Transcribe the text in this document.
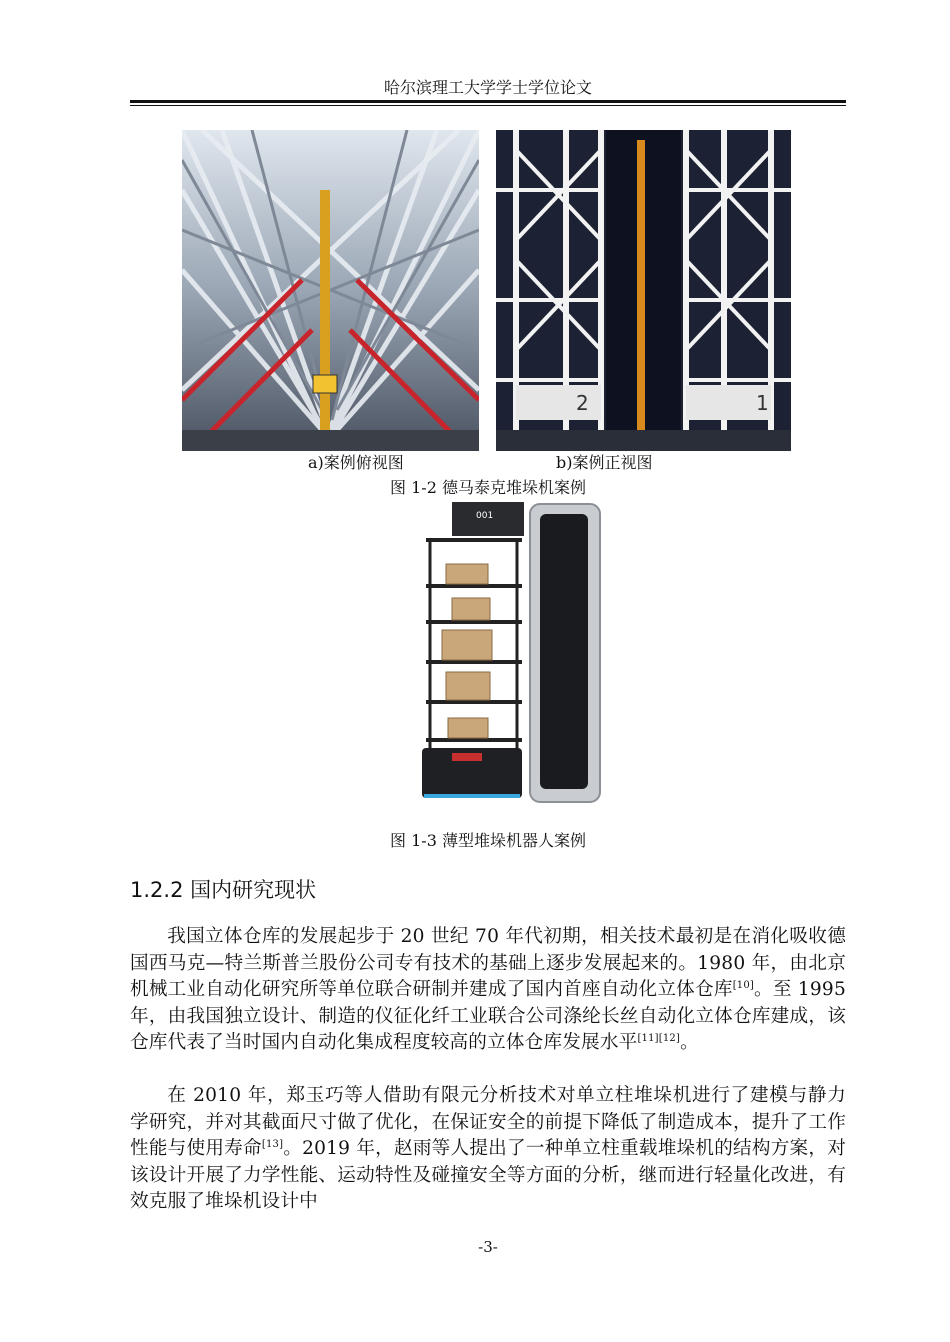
哈尔滨理工大学学士学位论文
2	1
a)案例俯视图	b)案例正视图
图 1-2 德马泰克堆垛机案例
001
图 1-3 薄型堆垛机器人案例
1.2.2 国内研究现状

我国立体仓库的发展起步于 20 世纪 70 年代初期，相关技术最初是在消化吸收德国西马克—特兰斯普兰股份公司专有技术的基础上逐步发展起来的。1980 年，由北京机械工业自动化研究所等单位联合研制并建成了国内首座自动化立体仓库[10]。至 1995 年，由我国独立设计、制造的仪征化纤工业联合公司涤纶长丝自动化立体仓库建成，该仓库代表了当时国内自动化集成程度较高的立体仓库发展水平[11][12]。

在 2010 年，郑玉巧等人借助有限元分析技术对单立柱堆垛机进行了建模与静力学研究，并对其截面尺寸做了优化，在保证安全的前提下降低了制造成本，提升了工作性能与使用寿命[13]。2019 年，赵雨等人提出了一种单立柱重载堆垛机的结构方案，对该设计开展了力学性能、运动特性及碰撞安全等方面的分析，继而进行轻量化改进，有效克服了堆垛机设计中

-3-
